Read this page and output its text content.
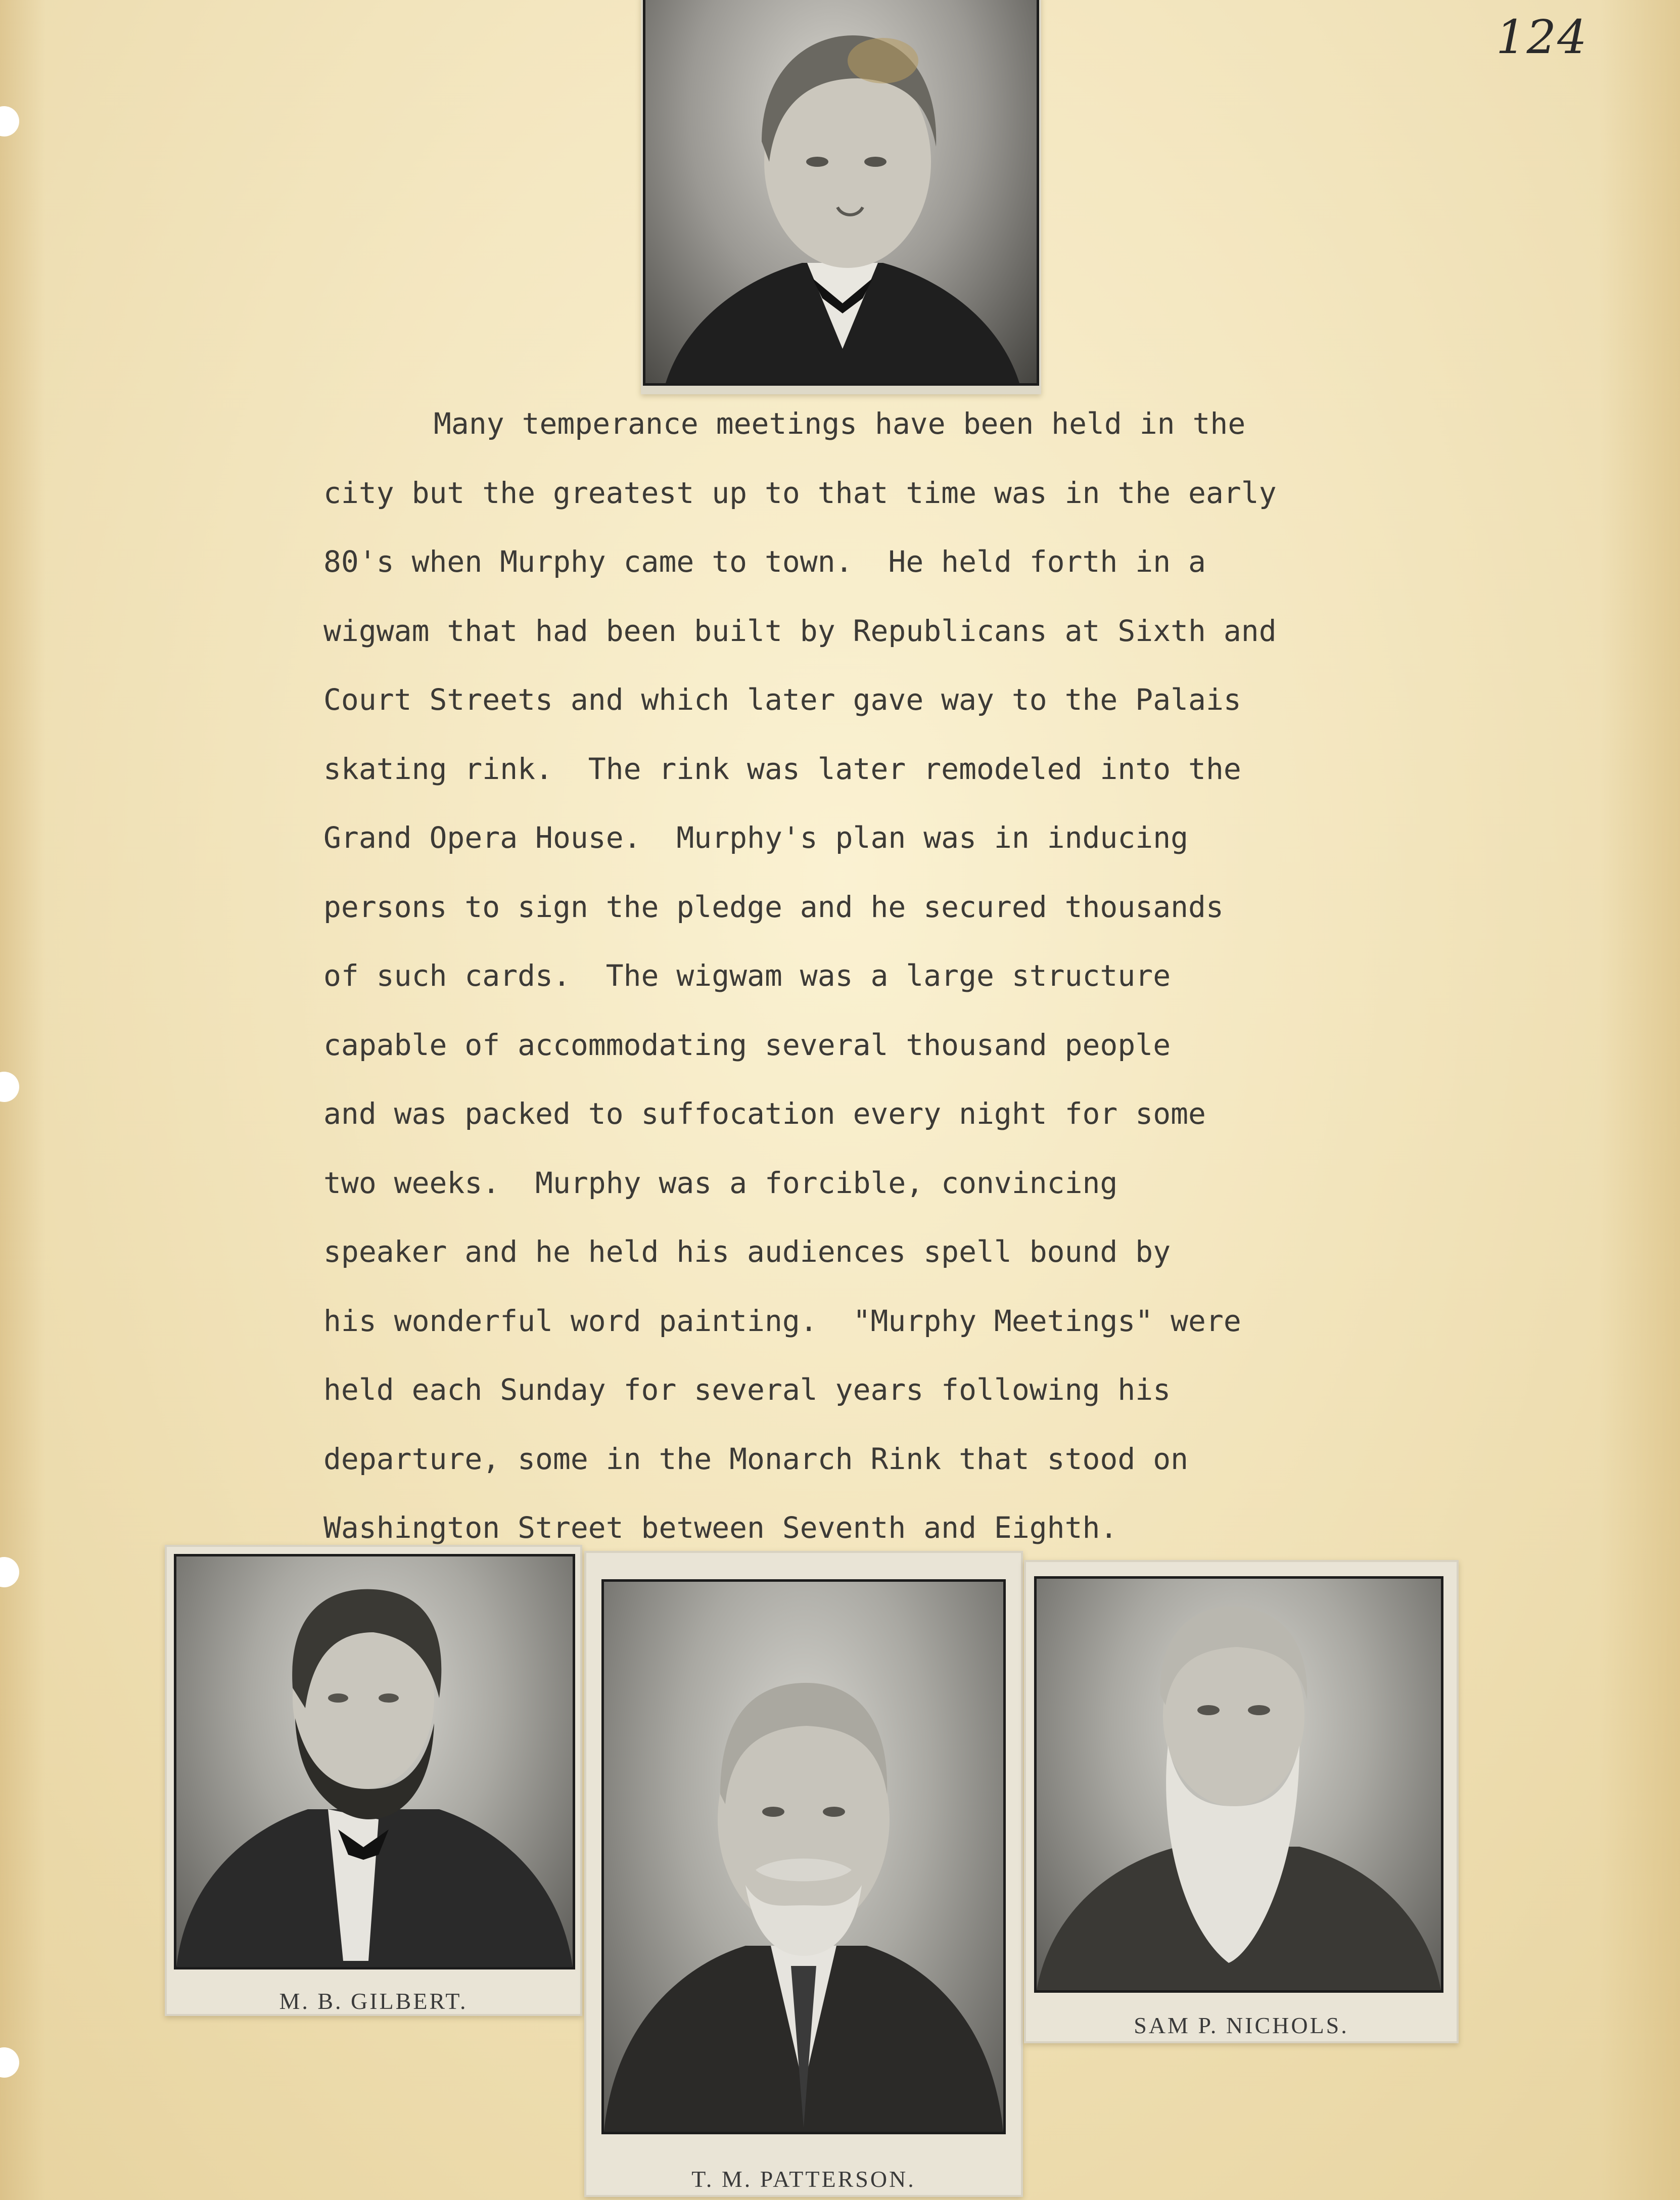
124
Many temperance meetings have been held in the
city but the greatest up to that time was in the early
80's when Murphy came to town.  He held forth in a
wigwam that had been built by Republicans at Sixth and
Court Streets and which later gave way to the Palais
skating rink.  The rink was later remodeled into the
Grand Opera House.  Murphy's plan was in inducing
persons to sign the pledge and he secured thousands
of such cards.  The wigwam was a large structure
capable of accommodating several thousand people
and was packed to suffocation every night for some
two weeks.  Murphy was a forcible, convincing
speaker and he held his audiences spell bound by
his wonderful word painting.  "Murphy Meetings" were
held each Sunday for several years following his
departure, some in the Monarch Rink that stood on
Washington Street between Seventh and Eighth.
M. B. GILBERT.
T. M. PATTERSON.
SAM P. NICHOLS.
